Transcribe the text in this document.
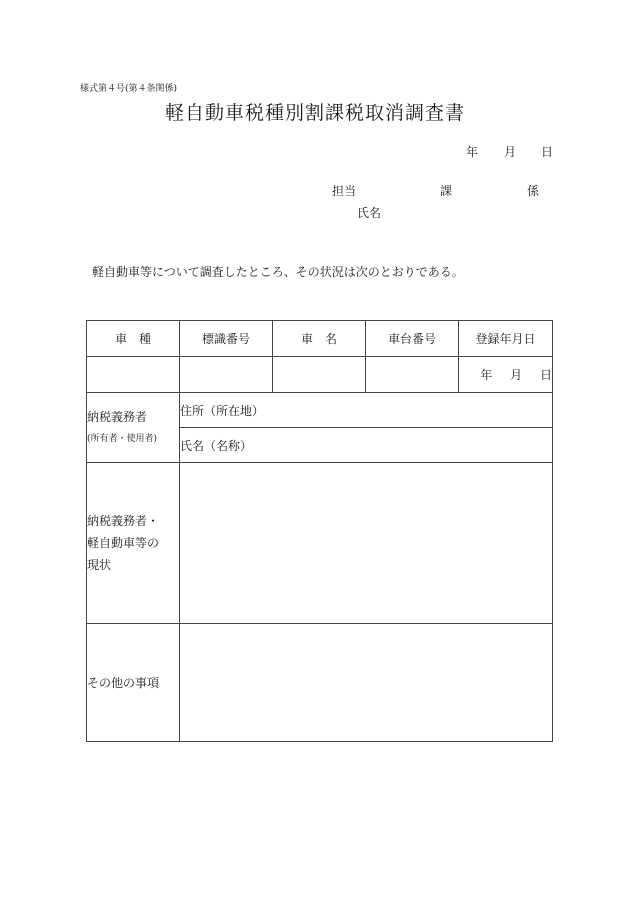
様式第４号(第４条関係)
軽自動車税種別割課税取消調査書
年 月 日
担当	課	係
氏名
軽自動車等について調査したところ、その状況は次のとおりである。
車　種	標識番号	車　名	車台番号	登録年月日
				年 月 日

納税義務者
(所有者・使用者)	住所（所在地）			
	氏名（名称）			

納税義務者・
軽自動車等の
現状				

その他の事項				
